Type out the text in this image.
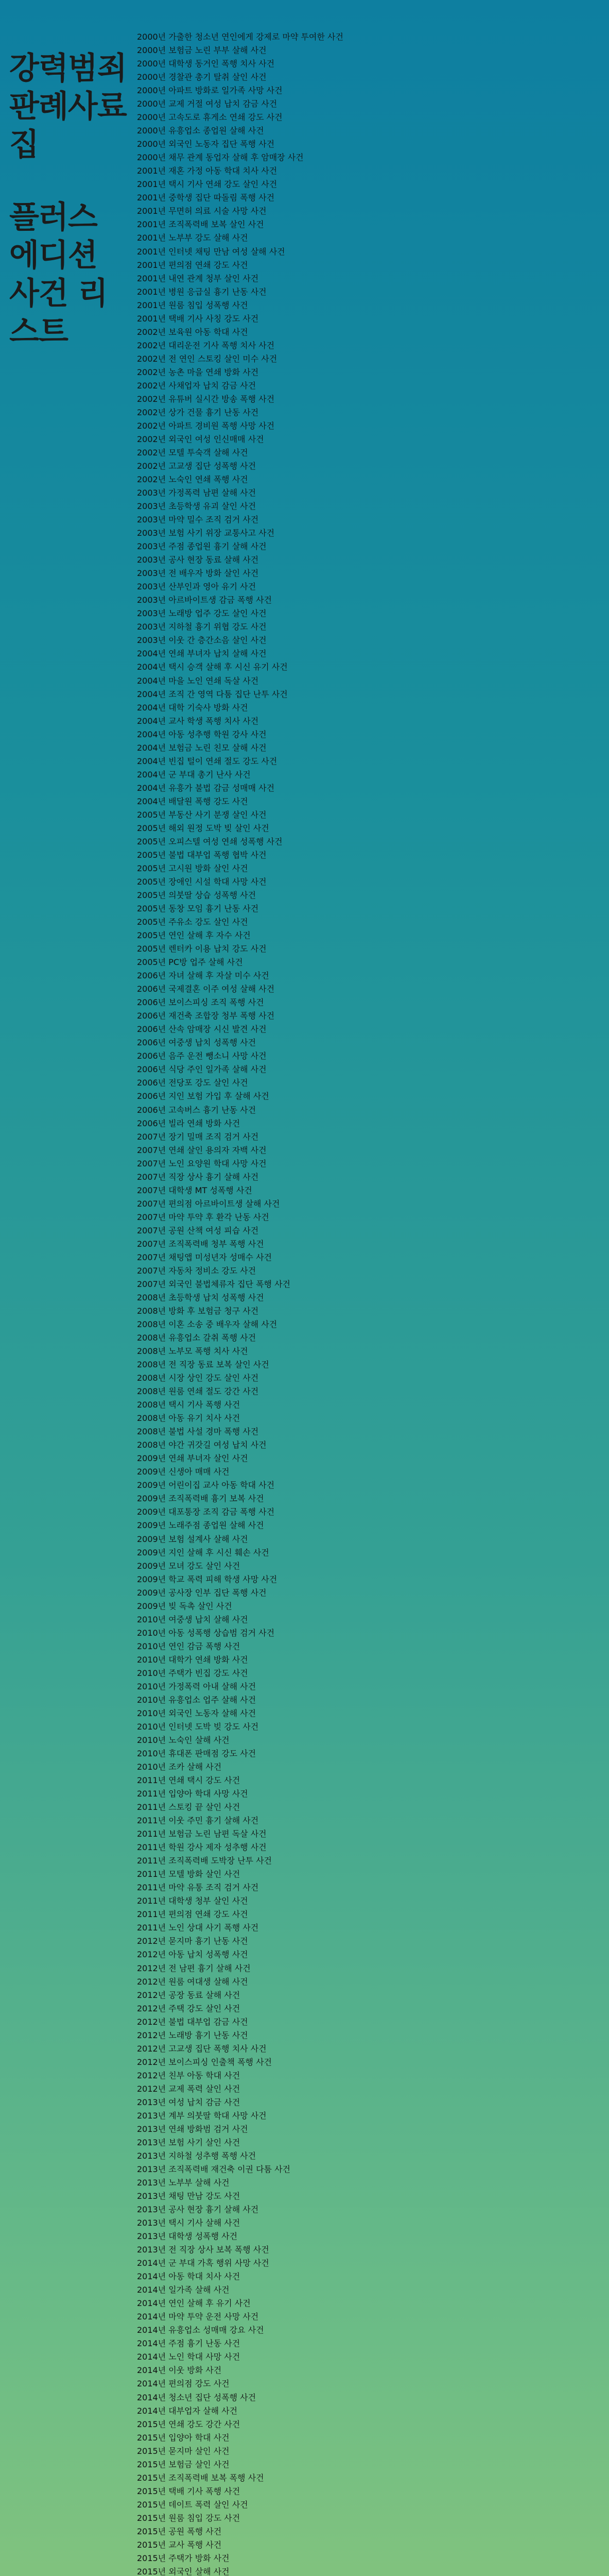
강력범죄
판례사료집
플러스 에디션
사건 리스트
2000년 가출한 청소년 연인에게 강제로 마약 투여한 사건
2000년 보험금 노린 부부 살해 사건
2000년 대학생 동거인 폭행 치사 사건
2000년 경찰관 총기 탈취 살인 사건
2000년 아파트 방화로 일가족 사망 사건
2000년 교제 거절 여성 납치 감금 사건
2000년 고속도로 휴게소 연쇄 강도 사건
2000년 유흥업소 종업원 살해 사건
2000년 외국인 노동자 집단 폭행 사건
2000년 채무 관계 동업자 살해 후 암매장 사건
2001년 재혼 가정 아동 학대 치사 사건
2001년 택시 기사 연쇄 강도 살인 사건
2001년 중학생 집단 따돌림 폭행 사건
2001년 무면허 의료 시술 사망 사건
2001년 조직폭력배 보복 살인 사건
2001년 노부부 강도 살해 사건
2001년 인터넷 채팅 만남 여성 살해 사건
2001년 편의점 연쇄 강도 사건
2001년 내연 관계 청부 살인 사건
2001년 병원 응급실 흉기 난동 사건
2001년 원룸 침입 성폭행 사건
2001년 택배 기사 사칭 강도 사건
2002년 보육원 아동 학대 사건
2002년 대리운전 기사 폭행 치사 사건
2002년 전 연인 스토킹 살인 미수 사건
2002년 농촌 마을 연쇄 방화 사건
2002년 사채업자 납치 감금 사건
2002년 유튜버 실시간 방송 폭행 사건
2002년 상가 건물 흉기 난동 사건
2002년 아파트 경비원 폭행 사망 사건
2002년 외국인 여성 인신매매 사건
2002년 모텔 투숙객 살해 사건
2002년 고교생 집단 성폭행 사건
2002년 노숙인 연쇄 폭행 사건
2003년 가정폭력 남편 살해 사건
2003년 초등학생 유괴 살인 사건
2003년 마약 밀수 조직 검거 사건
2003년 보험 사기 위장 교통사고 사건
2003년 주점 종업원 흉기 살해 사건
2003년 공사 현장 동료 살해 사건
2003년 전 배우자 방화 살인 사건
2003년 산부인과 영아 유기 사건
2003년 아르바이트생 감금 폭행 사건
2003년 노래방 업주 강도 살인 사건
2003년 지하철 흉기 위협 강도 사건
2003년 이웃 간 층간소음 살인 사건
2004년 연쇄 부녀자 납치 살해 사건
2004년 택시 승객 살해 후 시신 유기 사건
2004년 마을 노인 연쇄 독살 사건
2004년 조직 간 영역 다툼 집단 난투 사건
2004년 대학 기숙사 방화 사건
2004년 교사 학생 폭행 치사 사건
2004년 아동 성추행 학원 강사 사건
2004년 보험금 노린 친모 살해 사건
2004년 빈집 털이 연쇄 절도 강도 사건
2004년 군 부대 총기 난사 사건
2004년 유흥가 불법 감금 성매매 사건
2004년 배달원 폭행 강도 사건
2005년 부동산 사기 분쟁 살인 사건
2005년 해외 원정 도박 빚 살인 사건
2005년 오피스텔 여성 연쇄 성폭행 사건
2005년 불법 대부업 폭행 협박 사건
2005년 고시원 방화 살인 사건
2005년 장애인 시설 학대 사망 사건
2005년 의붓딸 상습 성폭행 사건
2005년 동창 모임 흉기 난동 사건
2005년 주유소 강도 살인 사건
2005년 연인 살해 후 자수 사건
2005년 렌터카 이용 납치 강도 사건
2005년 PC방 업주 살해 사건
2006년 자녀 살해 후 자살 미수 사건
2006년 국제결혼 이주 여성 살해 사건
2006년 보이스피싱 조직 폭행 사건
2006년 재건축 조합장 청부 폭행 사건
2006년 산속 암매장 시신 발견 사건
2006년 여중생 납치 성폭행 사건
2006년 음주 운전 뺑소니 사망 사건
2006년 식당 주인 일가족 살해 사건
2006년 전당포 강도 살인 사건
2006년 지인 보험 가입 후 살해 사건
2006년 고속버스 흉기 난동 사건
2006년 빌라 연쇄 방화 사건
2007년 장기 밀매 조직 검거 사건
2007년 연쇄 살인 용의자 자백 사건
2007년 노인 요양원 학대 사망 사건
2007년 직장 상사 흉기 살해 사건
2007년 대학생 MT 성폭행 사건
2007년 편의점 아르바이트생 살해 사건
2007년 마약 투약 후 환각 난동 사건
2007년 공원 산책 여성 피습 사건
2007년 조직폭력배 청부 폭행 사건
2007년 채팅앱 미성년자 성매수 사건
2007년 자동차 정비소 강도 사건
2007년 외국인 불법체류자 집단 폭행 사건
2008년 초등학생 납치 성폭행 사건
2008년 방화 후 보험금 청구 사건
2008년 이혼 소송 중 배우자 살해 사건
2008년 유흥업소 갈취 폭행 사건
2008년 노부모 폭행 치사 사건
2008년 전 직장 동료 보복 살인 사건
2008년 시장 상인 강도 살인 사건
2008년 원룸 연쇄 절도 강간 사건
2008년 택시 기사 폭행 사건
2008년 아동 유기 치사 사건
2008년 불법 사설 경마 폭행 사건
2008년 야간 귀갓길 여성 납치 사건
2009년 연쇄 부녀자 살인 사건
2009년 신생아 매매 사건
2009년 어린이집 교사 아동 학대 사건
2009년 조직폭력배 흉기 보복 사건
2009년 대포통장 조직 감금 폭행 사건
2009년 노래주점 종업원 살해 사건
2009년 보험 설계사 살해 사건
2009년 지인 살해 후 시신 훼손 사건
2009년 모녀 강도 살인 사건
2009년 학교 폭력 피해 학생 사망 사건
2009년 공사장 인부 집단 폭행 사건
2009년 빚 독촉 살인 사건
2010년 여중생 납치 살해 사건
2010년 아동 성폭행 상습범 검거 사건
2010년 연인 감금 폭행 사건
2010년 대학가 연쇄 방화 사건
2010년 주택가 빈집 강도 사건
2010년 가정폭력 아내 살해 사건
2010년 유흥업소 업주 살해 사건
2010년 외국인 노동자 살해 사건
2010년 인터넷 도박 빚 강도 사건
2010년 노숙인 살해 사건
2010년 휴대폰 판매점 강도 사건
2010년 조카 살해 사건
2011년 연쇄 택시 강도 사건
2011년 입양아 학대 사망 사건
2011년 스토킹 끝 살인 사건
2011년 이웃 주민 흉기 살해 사건
2011년 보험금 노린 남편 독살 사건
2011년 학원 강사 제자 성추행 사건
2011년 조직폭력배 도박장 난투 사건
2011년 모텔 방화 살인 사건
2011년 마약 유통 조직 검거 사건
2011년 대학생 청부 살인 사건
2011년 편의점 연쇄 강도 사건
2011년 노인 상대 사기 폭행 사건
2012년 묻지마 흉기 난동 사건
2012년 아동 납치 성폭행 사건
2012년 전 남편 흉기 살해 사건
2012년 원룸 여대생 살해 사건
2012년 공장 동료 살해 사건
2012년 주택 강도 살인 사건
2012년 불법 대부업 감금 사건
2012년 노래방 흉기 난동 사건
2012년 고교생 집단 폭행 치사 사건
2012년 보이스피싱 인출책 폭행 사건
2012년 친부 아동 학대 사건
2012년 교제 폭력 살인 사건
2013년 여성 납치 감금 사건
2013년 계부 의붓딸 학대 사망 사건
2013년 연쇄 방화범 검거 사건
2013년 보험 사기 살인 사건
2013년 지하철 성추행 폭행 사건
2013년 조직폭력배 재건축 이권 다툼 사건
2013년 노부부 살해 사건
2013년 채팅 만남 강도 사건
2013년 공사 현장 흉기 살해 사건
2013년 택시 기사 살해 사건
2013년 대학생 성폭행 사건
2013년 전 직장 상사 보복 폭행 사건
2014년 군 부대 가혹 행위 사망 사건
2014년 아동 학대 치사 사건
2014년 일가족 살해 사건
2014년 연인 살해 후 유기 사건
2014년 마약 투약 운전 사망 사건
2014년 유흥업소 성매매 강요 사건
2014년 주점 흉기 난동 사건
2014년 노인 학대 사망 사건
2014년 이웃 방화 사건
2014년 편의점 강도 사건
2014년 청소년 집단 성폭행 사건
2014년 대부업자 살해 사건
2015년 연쇄 강도 강간 사건
2015년 입양아 학대 사건
2015년 묻지마 살인 사건
2015년 보험금 살인 사건
2015년 조직폭력배 보복 폭행 사건
2015년 택배 기사 폭행 사건
2015년 데이트 폭력 살인 사건
2015년 원룸 침입 강도 사건
2015년 공원 폭행 사건
2015년 교사 폭행 사건
2015년 주택가 방화 사건
2015년 외국인 살해 사건
